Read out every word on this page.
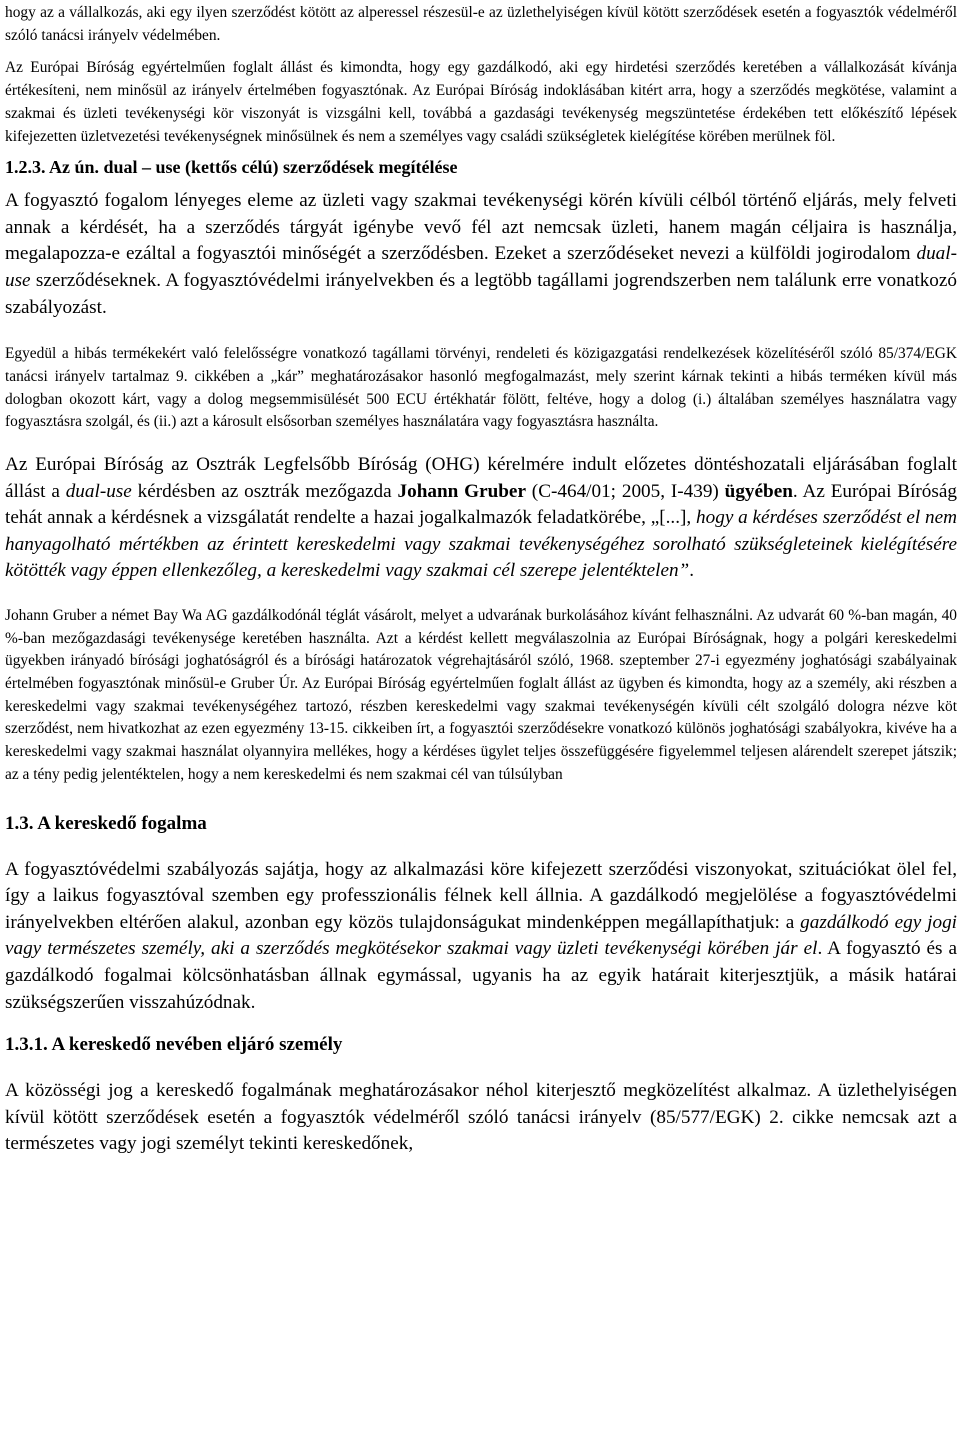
hogy az a vállalkozás, aki egy ilyen szerződést kötött az alperessel részesül-e az üzlethelyiségen kívül kötött szerződések esetén a fogyasztók védelméről szóló tanácsi irányelv védelmében.

Az Európai Bíróság egyértelműen foglalt állást és kimondta, hogy egy gazdálkodó, aki egy hirdetési szerződés keretében a vállalkozását kívánja értékesíteni, nem minősül az irányelv értelmében fogyasztónak. Az Európai Bíróság indoklásában kitért arra, hogy a szerződés megkötése, valamint a szakmai és üzleti tevékenységi kör viszonyát is vizsgálni kell, továbbá a gazdasági tevékenység megszüntetése érdekében tett előkészítő lépések kifejezetten üzletvezetési tevékenységnek minősülnek és nem a személyes vagy családi szükségletek kielégítése körében merülnek föl.

1.2.3. Az ún. dual – use (kettős célú) szerződések megítélése

A fogyasztó fogalom lényeges eleme az üzleti vagy szakmai tevékenységi körén kívüli célból történő eljárás, mely felveti annak a kérdését, ha a szerződés tárgyát igénybe vevő fél azt nemcsak üzleti, hanem magán céljaira is használja, megalapozza-e ezáltal a fogyasztói minőségét a szerződésben. Ezeket a szerződéseket nevezi a külföldi jogirodalom dual-use szerződéseknek. A fogyasztóvédelmi irányelvekben és a legtöbb tagállami jogrendszerben nem találunk erre vonatkozó szabályozást.

Egyedül a hibás termékekért való felelősségre vonatkozó tagállami törvényi, rendeleti és közigazgatási rendelkezések közelítéséről szóló 85/374/EGK tanácsi irányelv tartalmaz 9. cikkében a „kár” meghatározásakor hasonló megfogalmazást, mely szerint kárnak tekinti a hibás terméken kívül más dologban okozott kárt, vagy a dolog megsemmisülését 500 ECU értékhatár fölött, feltéve, hogy a dolog (i.) általában személyes használatra vagy fogyasztásra szolgál, és (ii.) azt a károsult elsősorban személyes használatára vagy fogyasztásra használta.

Az Európai Bíróság az Osztrák Legfelsőbb Bíróság (OHG) kérelmére indult előzetes döntéshozatali eljárásában foglalt állást a dual-use kérdésben az osztrák mezőgazda Johann Gruber (C-464/01; 2005, I-439) ügyében. Az Európai Bíróság tehát annak a kérdésnek a vizsgálatát rendelte a hazai jogalkalmazók feladatkörébe, „[...], hogy a kérdéses szerződést el nem hanyagolható mértékben az érintett kereskedelmi vagy szakmai tevékenységéhez sorolható szükségleteinek kielégítésére kötötték vagy éppen ellenkezőleg, a kereskedelmi vagy szakmai cél szerepe jelentéktelen”.

Johann Gruber a német Bay Wa AG gazdálkodónál téglát vásárolt, melyet a udvarának burkolásához kívánt felhasználni. Az udvarát 60 %-ban magán, 40 %-ban mezőgazdasági tevékenysége keretében használta. Azt a kérdést kellett megválaszolnia az Európai Bíróságnak, hogy a polgári kereskedelmi ügyekben irányadó bírósági joghatóságról és a bírósági határozatok végrehajtásáról szóló, 1968. szeptember 27-i egyezmény joghatósági szabályainak értelmében fogyasztónak minősül-e Gruber Úr. Az Európai Bíróság egyértelműen foglalt állást az ügyben és kimondta, hogy az a személy, aki részben a kereskedelmi vagy szakmai tevékenységéhez tartozó, részben kereskedelmi vagy szakmai tevékenységén kívüli célt szolgáló dologra nézve köt szerződést, nem hivatkozhat az ezen egyezmény 13-15. cikkeiben írt, a fogyasztói szerződésekre vonatkozó különös joghatósági szabályokra, kivéve ha a kereskedelmi vagy szakmai használat olyannyira mellékes, hogy a kérdéses ügylet teljes összefüggésére figyelemmel teljesen alárendelt szerepet játszik; az a tény pedig jelentéktelen, hogy a nem kereskedelmi és nem szakmai cél van túlsúlyban

1.3. A kereskedő fogalma

A fogyasztóvédelmi szabályozás sajátja, hogy az alkalmazási köre kifejezett szerződési viszonyokat, szituációkat ölel fel, így a laikus fogyasztóval szemben egy professzionális félnek kell állnia. A gazdálkodó megjelölése a fogyasztóvédelmi irányelvekben eltérően alakul, azonban egy közös tulajdonságukat mindenképpen megállapíthatjuk: a gazdálkodó egy jogi vagy természetes személy, aki a szerződés megkötésekor szakmai vagy üzleti tevékenységi körében jár el. A fogyasztó és a gazdálkodó fogalmai kölcsönhatásban állnak egymással, ugyanis ha az egyik határait kiterjesztjük, a másik határai szükségszerűen visszahúzódnak.

1.3.1. A kereskedő nevében eljáró személy

A közösségi jog a kereskedő fogalmának meghatározásakor néhol kiterjesztő megközelítést alkalmaz. A üzlethelyiségen kívül kötött szerződések esetén a fogyasztók védelméről szóló tanácsi irányelv (85/577/EGK) 2. cikke nemcsak azt a természetes vagy jogi személyt tekinti kereskedőnek,
